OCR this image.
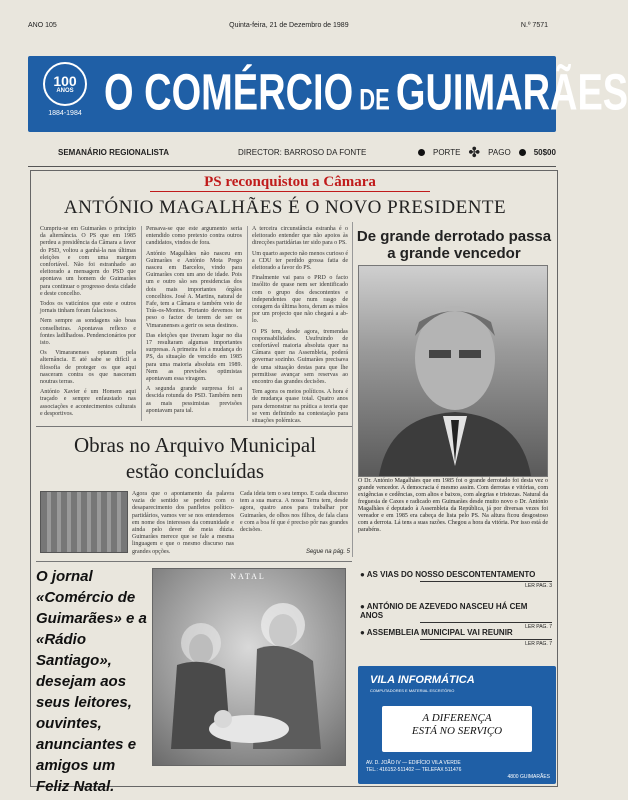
ANO 105	Quinta-feira, 21 de Dezembro de 1989	N.º 7571
100
ANOS
1884-1984 O COMÉRCIO DE GUIMARÃES
SEMANÁRIO REGIONALISTA	DIRECTOR: BARROSO DA FONTE	PORTE ✤ PAGO	50$00
PS reconquistou a Câmara
ANTÓNIO MAGALHÃES É O NOVO PRESIDENTE

Cumpriu-se em Guimarães o princípio da alternância. O PS que em 1985 perdeu a presidência da Câmara a favor do PSD, voltou a ganhá-la nas últimas eleições e com uma margem confortável. Não foi estranhado ao eleitorado a mensagem do PSD que apontava um homem de Guimarães para continuar o progresso desta cidade e deste concelho.

Todos os vaticínios que este e outros jornais tinham foram falaciosos.

Nem sempre as sondagens são boas conselheiras. Apontavas reflexo e fontes ladilhadoss. Pendencionários por isto.

Os Vimaranenses optaram pela alternância. E até sabe se difícil a filosofia de proteger os que aqui nasceram contra os que nasceram noutras terras.

António Xavier é um Homem aqui traçado e sempre enfaustado nas associações e acontecimentos culturais e desportivos.

Pensava-se que este argumento seria entendido como pretexto contra outros candidatos, vindos de fora.

António Magalhães não nasceu em Guimarães e António Mota Prego nasceu em Barcelos, vindo para Guimarães com um ano de idade. Pois um e outro são ses presidencias dos dois mais importantes órgãos concelhios. José A. Martins, natural de Fafe, tem a Câmara e também veio de Trás-os-Montes. Portanto devemos ter peso o factor de terem de ser os Vimaranenses a gerir os seus destinos.

Das eleições que tiveram lugar no dia 17 resultaram algumas importantes surpresas. A primeira foi a mudança do PS, da situação de vencido em 1985 para uma maioria absoluta em 1989. Nem as previsões optimistas apontavam essa viragem.

A segunda grande surpresa foi a descida rotunda do PSD. Também nem as mais pessimistas previsões apontavam para tal.

A terceira circunstância estranha é o eleitorado entender que não apoios às direcções partidárias ter sido para o PS.

Um quarto aspecto não menos curioso é a CDU ter perdido grossa fatia de eleitorado a favor do PS.

Finalmente vai para o PRD o facto insólito de quase nem ser identificado com o grupo dos descontentes e independentes que num rasgo de coragem da última hora, deram as mãos por um projecto que não chegará a ab-lo.

O PS tem, desde agora, tremendas responsabilidades. Usufruindo de confortável maioria absoluta quer na Câmara quer na Assembleia, poderá governar sozinho. Guimarães precisava de uma situação destas para que lhe permitisse avançar sem reservas ao encontro das grandes decisões.

Tem agora os meios políticos. A hora é de mudança quase total. Quatro anos para demonstrar na prática a teoria que se vem definindo na contestação para situações polémicas.

De grande derrotado passa a grande vencedor
O Dr. António Magalhães que em 1985 foi o grande derrotado foi desta vez o grande vencedor. A democracia é mesmo assim. Com derrotas e vitórias, com exigências e cedências, com altos e baixos, com alegrias e tristezas. Natural da freguesia de Caxes e radicado em Guimarães desde muito novo o Dr. António Magalhães é deputado à Assembleia da República, já por diversas vezes foi vereador e em 1985 era cabeça de lista pelo PS. Na altura ficou desgostoso com a derrota. Lá tens a suas razões. Chegou a hora da vitória. Por isso está de parabéns.
Obras no Arquivo Municipal
estão concluídas
Agora que o apontamento da palavra vazia de sentido se perdeu com o desaparecimento dos panfletos político-partidários, vamos ver se nos entendemos em nome dos interesses da comunidade e ainda pelo dever de meia dúzia. Guimarães merece que se fale a mesma linguagem e que o mesmo discurso nas grandes opções.
Cada ideia tem o seu tempo. E cada discurso tem a sua marca. A nossa Terra tem, desde agora, quatro anos para trabalhar por Guimarães, de olhos nos filhos, de fala clara e com a boa fé que é preciso pôr nas grandes decisões.
Segue na pág. 5
O jornal «Comércio de Guimarães» e a «Rádio Santiago», desejam aos seus leitores, ouvintes, anunciantes e amigos um Feliz Natal.
NATAL	● AS VIAS DO NOSSO DESCONTENTAMENTO
LER PAG. 3
● ANTÓNIO DE AZEVEDO NASCEU HÁ CEM ANOS
LER PAG. 7
● ASSEMBLEIA MUNICIPAL VAI REUNIR
LER PAG. 7
VILA INFORMÁTICA
COMPUTADORES E MATERIAL ESCRITÓRIO
A DIFERENÇA
ESTÁ NO SERVIÇO
AV. D. JOÃO IV — EDIFÍCIO VILA VERDE
TEL.: 416152-511402 — TELEFAX 511476
4800 GUIMARÃES
